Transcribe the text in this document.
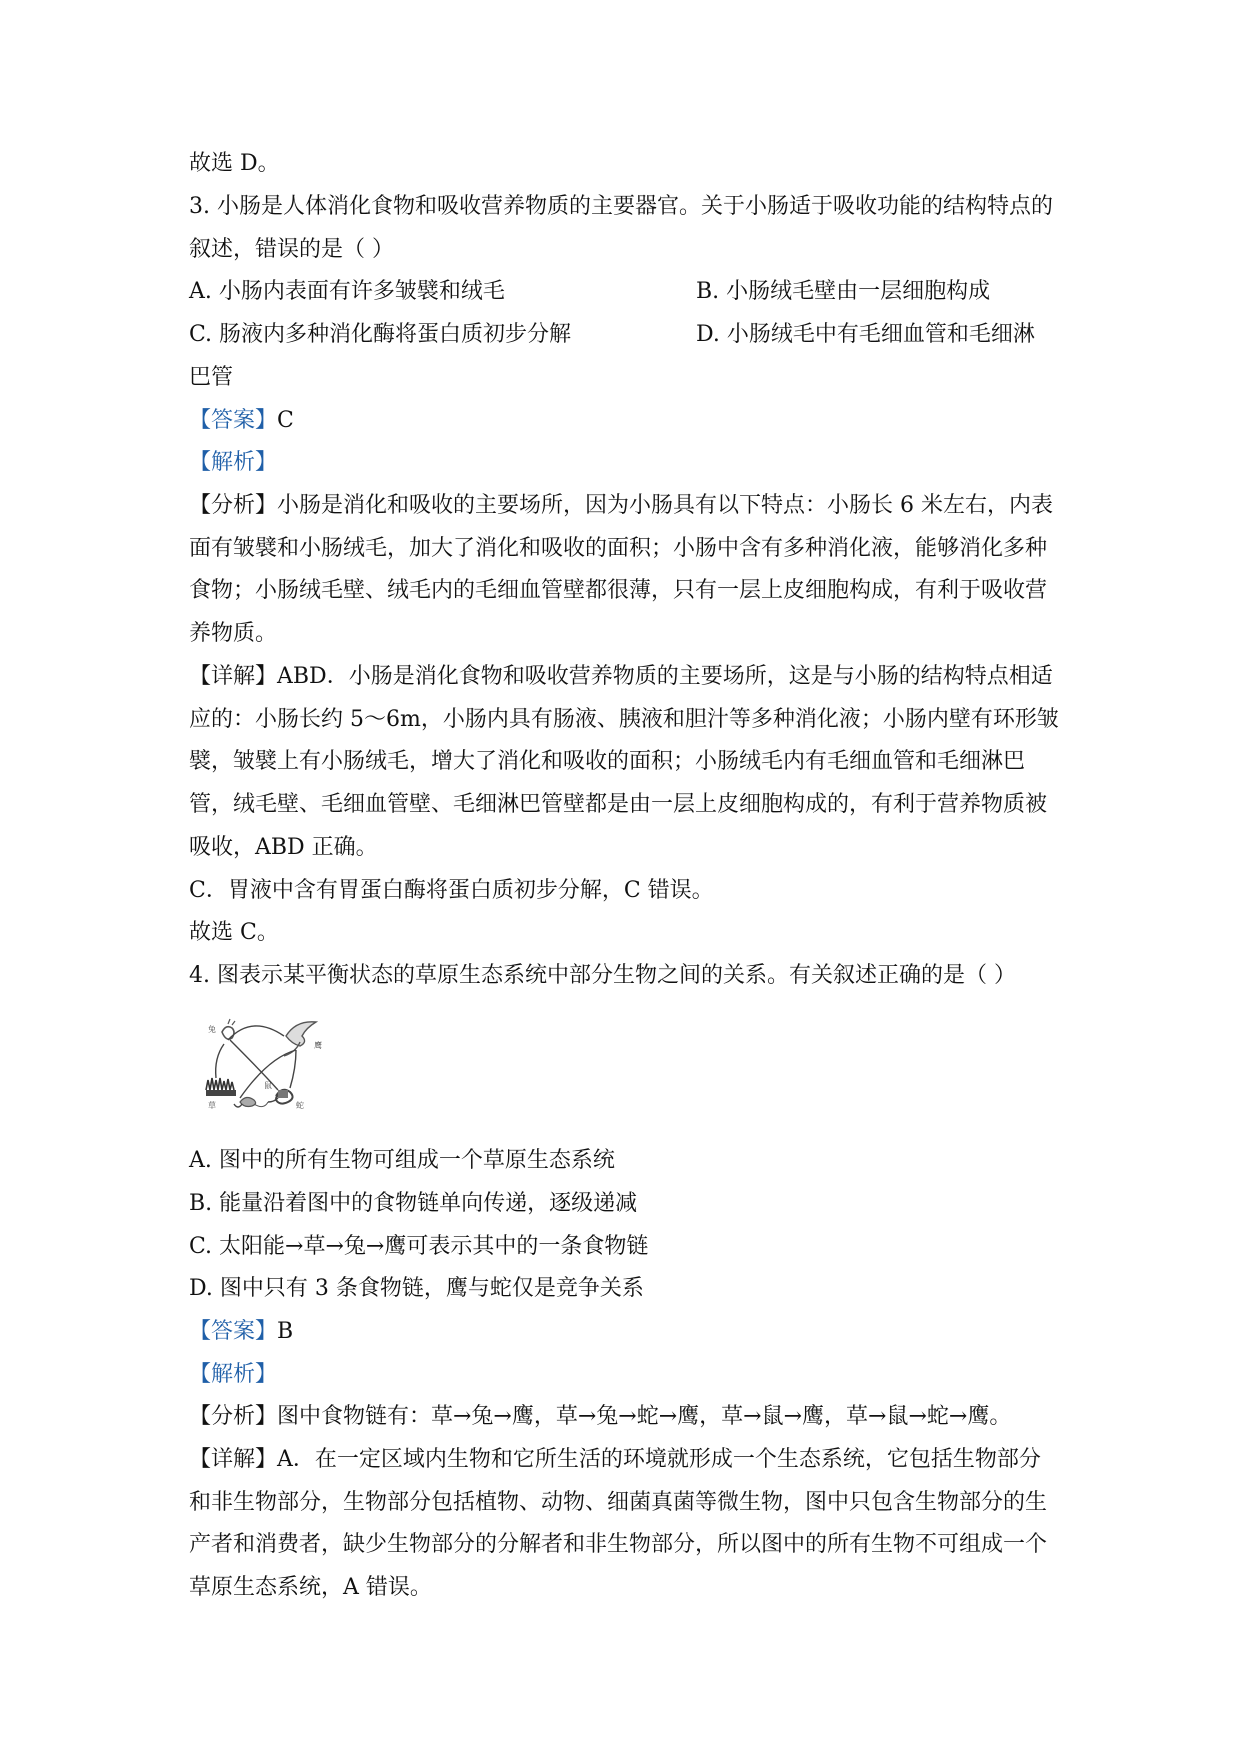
故选 D。
3. 小肠是人体消化食物和吸收营养物质的主要器官。关于小肠适于吸收功能的结构特点的
叙述，错误的是（ ）
A. 小肠内表面有许多皱襞和绒毛	B. 小肠绒毛壁由一层细胞构成
C. 肠液内多种消化酶将蛋白质初步分解	D. 小肠绒毛中有毛细血管和毛细淋
巴管
【答案】C
【解析】
【分析】小肠是消化和吸收的主要场所，因为小肠具有以下特点：小肠长 6 米左右，内表
面有皱襞和小肠绒毛，加大了消化和吸收的面积；小肠中含有多种消化液，能够消化多种
食物；小肠绒毛壁、绒毛内的毛细血管壁都很薄，只有一层上皮细胞构成，有利于吸收营
养物质。
【详解】ABD．小肠是消化食物和吸收营养物质的主要场所，这是与小肠的结构特点相适
应的：小肠长约 5～6m，小肠内具有肠液、胰液和胆汁等多种消化液；小肠内壁有环形皱
襞，皱襞上有小肠绒毛，增大了消化和吸收的面积；小肠绒毛内有毛细血管和毛细淋巴
管，绒毛壁、毛细血管壁、毛细淋巴管壁都是由一层上皮细胞构成的，有利于营养物质被
吸收，ABD 正确。
C．胃液中含有胃蛋白酶将蛋白质初步分解，C 错误。
故选 C。
4. 图表示某平衡状态的草原生态系统中部分生物之间的关系。有关叙述正确的是（ ）
兔
鹰
草
鼠
蛇
A. 图中的所有生物可组成一个草原生态系统
B. 能量沿着图中的食物链单向传递，逐级递减
C. 太阳能→草→兔→鹰可表示其中的一条食物链
D. 图中只有 3 条食物链，鹰与蛇仅是竞争关系
【答案】B
【解析】
【分析】图中食物链有：草→兔→鹰，草→兔→蛇→鹰，草→鼠→鹰，草→鼠→蛇→鹰。
【详解】A．在一定区域内生物和它所生活的环境就形成一个生态系统，它包括生物部分
和非生物部分，生物部分包括植物、动物、细菌真菌等微生物，图中只包含生物部分的生
产者和消费者，缺少生物部分的分解者和非生物部分，所以图中的所有生物不可组成一个
草原生态系统，A 错误。
